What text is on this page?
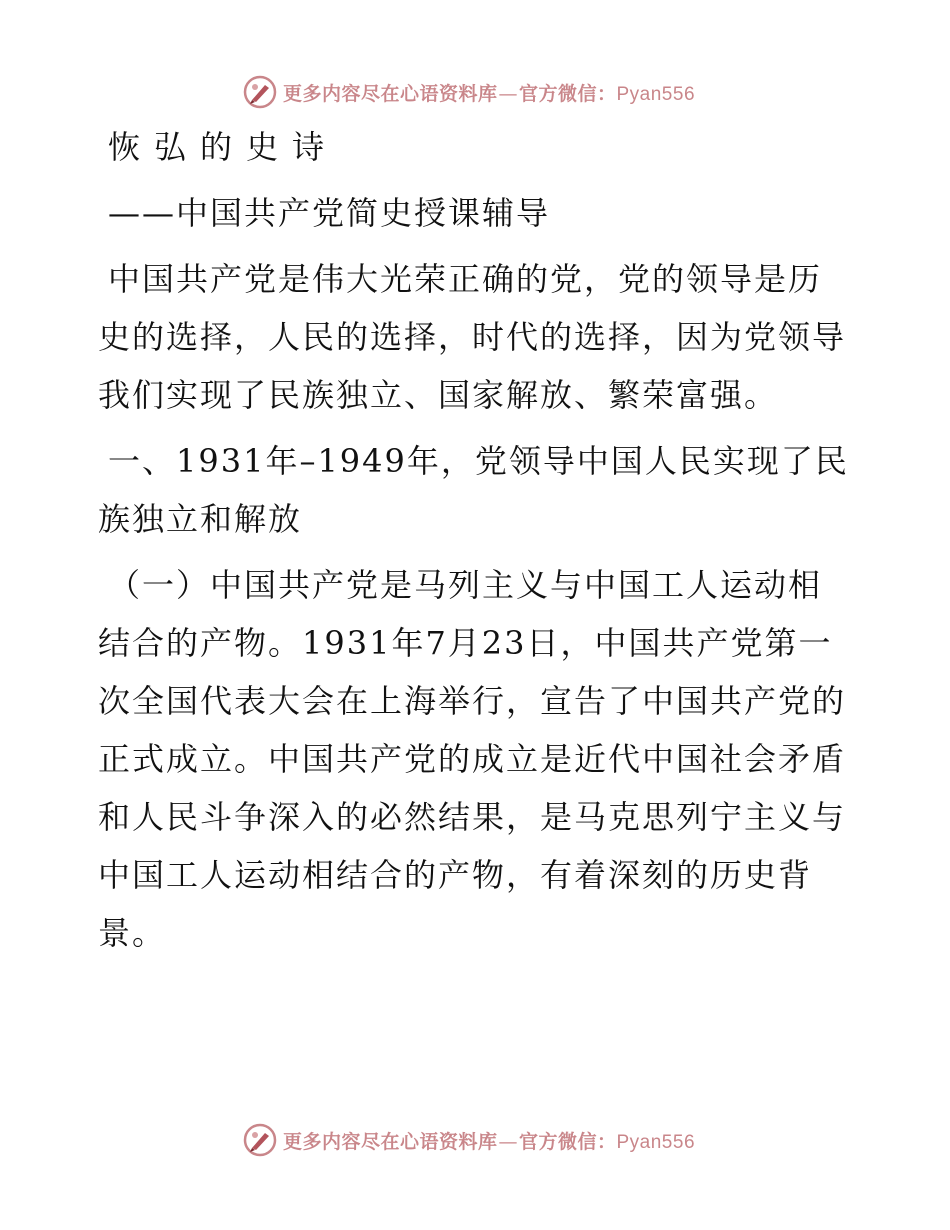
更多内容尽在心语资料库—官方微信：Pyan556
恢弘的史诗
——中国共产党简史授课辅导
中国共产党是伟大光荣正确的党，党的领导是历
史的选择，人民的选择，时代的选择，因为党领导
我们实现了民族独立、国家解放、繁荣富强。
一、1931年–1949年，党领导中国人民实现了民
族独立和解放
（一）中国共产党是马列主义与中国工人运动相
结合的产物。1931年7月23日，中国共产党第一
次全国代表大会在上海举行，宣告了中国共产党的
正式成立。中国共产党的成立是近代中国社会矛盾
和人民斗争深入的必然结果，是马克思列宁主义与
中国工人运动相结合的产物，有着深刻的历史背
景。
更多内容尽在心语资料库—官方微信：Pyan556
